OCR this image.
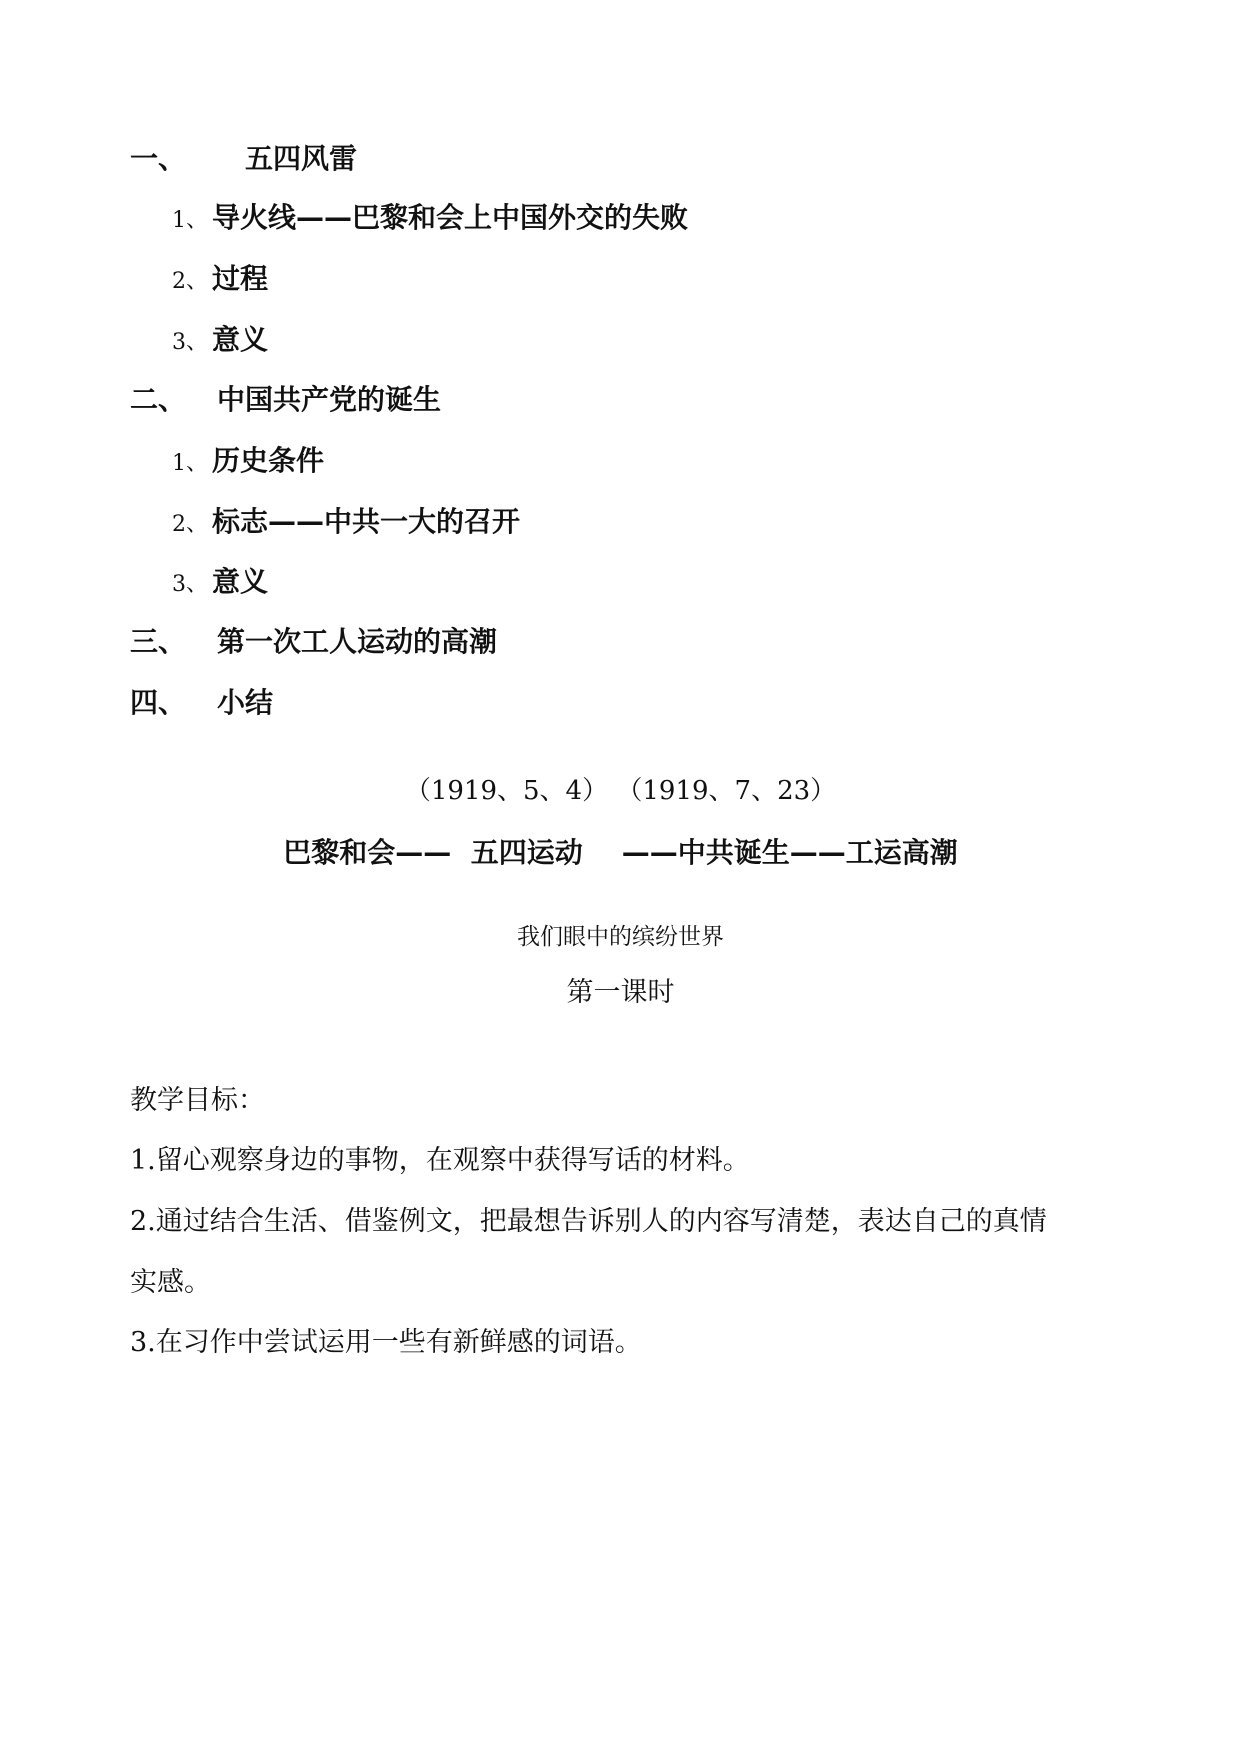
一、 五四风雷
1、 导火线——巴黎和会上中国外交的失败
2、 过程
3、 意义
二、 中国共产党的诞生
1、 历史条件
2、 标志——中共一大的召开
3、 意义
三、 第一次工人运动的高潮
四、 小结
（1919、5、4） （1919、7、23）
巴黎和会——  五四运动    ——中共诞生——工运高潮
我们眼中的缤纷世界
第一课时
教学目标：
1.留心观察身边的事物，在观察中获得写话的材料。
2.通过结合生活、借鉴例文，把最想告诉别人的内容写清楚，表达自己的真情
实感。
3.在习作中尝试运用一些有新鲜感的词语。
